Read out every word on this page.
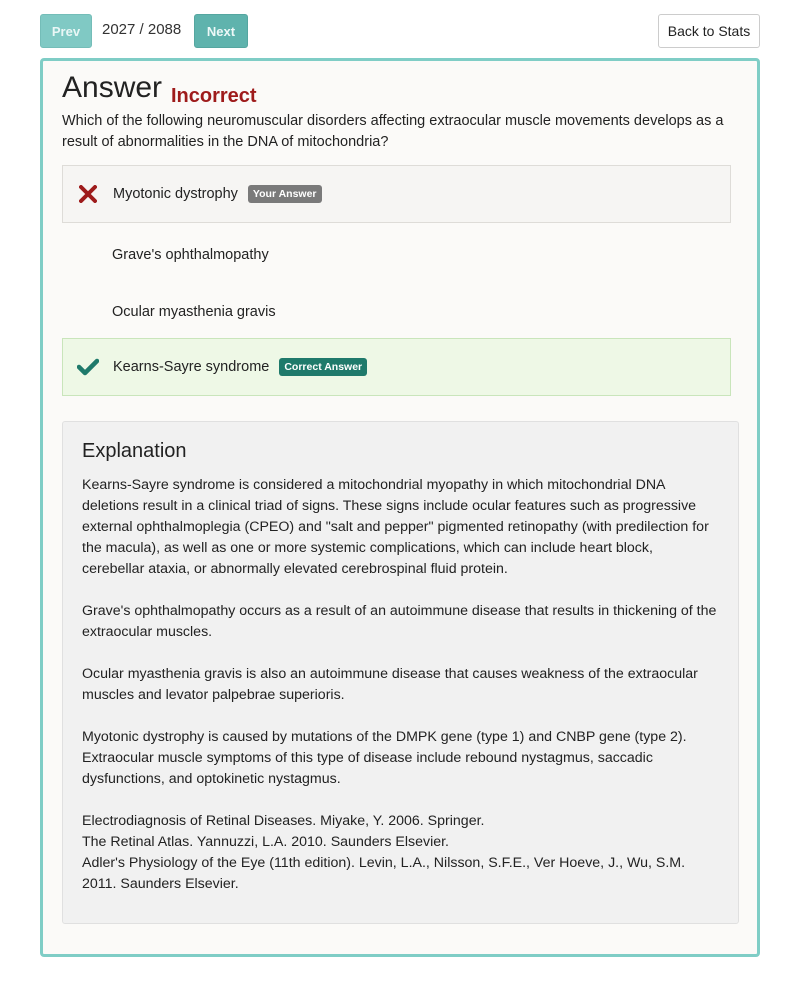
Prev	2027 / 2088	Next	Back to Stats
Answer Incorrect
Which of the following neuromuscular disorders affecting extraocular muscle movements develops as a result of abnormalities in the DNA of mitochondria?
Myotonic dystrophy	Your Answer
Grave's ophthalmopathy
Ocular myasthenia gravis
Kearns-Sayre syndrome	Correct Answer
Explanation

Kearns-Sayre syndrome is considered a mitochondrial myopathy in which mitochondrial DNA deletions result in a clinical triad of signs. These signs include ocular features such as progressive external ophthalmoplegia (CPEO) and "salt and pepper" pigmented retinopathy (with predilection for the macula), as well as one or more systemic complications, which can include heart block, cerebellar ataxia, or abnormally elevated cerebrospinal fluid protein.

Grave's ophthalmopathy occurs as a result of an autoimmune disease that results in thickening of the extraocular muscles.

Ocular myasthenia gravis is also an autoimmune disease that causes weakness of the extraocular muscles and levator palpebrae superioris.

Myotonic dystrophy is caused by mutations of the DMPK gene (type 1) and CNBP gene (type 2). Extraocular muscle symptoms of this type of disease include rebound nystagmus, saccadic dysfunctions, and optokinetic nystagmus.

Electrodiagnosis of Retinal Diseases. Miyake, Y. 2006. Springer.
The Retinal Atlas. Yannuzzi, L.A. 2010. Saunders Elsevier.
Adler's Physiology of the Eye (11th edition). Levin, L.A., Nilsson, S.F.E., Ver Hoeve, J., Wu, S.M. 2011. Saunders Elsevier.
